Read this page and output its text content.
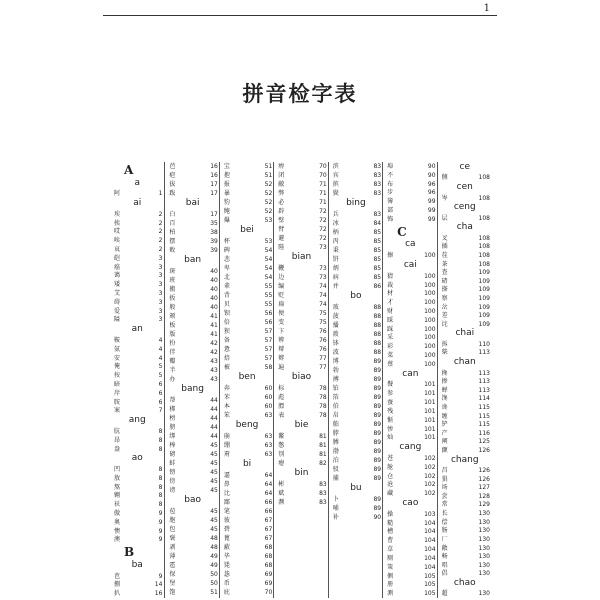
1
拼音检字表
A
a
阿	1
ai
埃	2
挨	2
哎	2
唉	2
哀	2
皑	3
癌	3
蔼	3
矮	3
艾	3
碍	3
爱	3
隘	3
an
鞍	4
氨	4
安	4
俺	5
按	5
暗	6
岸	6
胺	6
案	7
ang
肮	8
昂	8
盎	8
ao
凹	8
敖	8
熬	8
翱	8
袄	8
傲	9
奥	9
懊	9
澳	9
B
ba
芭	9
捌	14
扒	16
芭	16
疤	16
拔	17
跋	17
bai
白	17
百	35
柏	38
摆	39
败	39
ban
斑	40
班	40
搬	40
扳	40
般	40
颁	41
板	41
版	41
扮	42
伴	42
瓣	43
半	43
办	43
bang
帮	44
梆	44
榜	44
膀	44
绑	44
棒	45
磅	45
蚌	45
镑	45
傍	45
谤	45
bao
苞	45
胞	45
包	45
褒	48
剥	48
薄	49
雹	49
保	50
堡	50
饱	51
宝	51
抱	51
报	52
暴	52
豹	52
鲍	52
爆	53
bei
杯	53
碑	54
悲	54
卑	54
北	54
辈	55
背	55
贝	55
钡	56
倍	56
狈	57
备	57
惫	57
焙	57
被	58
ben
奔	60
苯	60
本	60
笨	63
beng
崩	63
绷	63
甭	63
bi
逼	64
鼻	64
比	64
鄙	66
笔	66
彼	67
碧	67
蓖	67
蔽	68
毕	68
毙	68
毖	69
币	69
庇	70
痹	70
闭	70
敝	71
弊	71
必	71
辟	72
壁	72
臂	72
避	72
陛	73
bian
鞭	73
边	73
编	74
贬	74
扁	74
便	75
变	75
卞	76
辨	76
辩	76
辫	77
遍	77
biao
标	78
彪	78
膘	78
表	78
bie
鳖	81
憋	81
别	81
瘪	82
bin
彬	83
斌	83
濒	83
滨	83
宾	83
摈	83
鬓	83
bing
兵	83
冰	84
柄	85
丙	85
秉	85
饼	85
炳	85
病	85
并	86
bo
玻	88
菠	88
播	88
拨	88
钵	88
波	88
博	89
勃	89
搏	89
铂	89
箔	89
伯	89
帛	89
舶	89
脖	89
膊	89
渤	89
泊	89
驳	89
捕	89
bu
卜	89
哺	89
补	90
埠	90
不	90
布	96
步	96
簿	99
部	99
怖	99
C
ca
擦	100
cai
猜	100
裁	100
材	100
才	100
财	100
睬	100
踩	100
采	100
彩	100
菜	100
蔡	100
can
餐	101
参	101
蚕	101
残	101
惭	101
惨	101
灿	101
cang
苍	102
舱	102
仓	102
沧	102
藏	102
cao
操	103
糙	104
槽	104
曹	104
草	104
厕	104
策	104
侧	105
册	105
测	105
ce
侧	108
cen
岑	108
ceng
层	108
cha
叉	108
插	108
茬	108
茶	108
查	109
碴	109
搽	109
察	109
岔	109
差	109
诧	109
chai
拆	110
柴	113
chan
搀	113
掺	113
蝉	113
馋	114
谗	115
缠	115
铲	115
产	116
阐	125
颤	126
chang
昌	126
猖	126
场	127
尝	128
常	129
长	130
偿	130
肠	130
厂	130
敞	130
畅	130
唱	130
倡	130
chao
超	130
